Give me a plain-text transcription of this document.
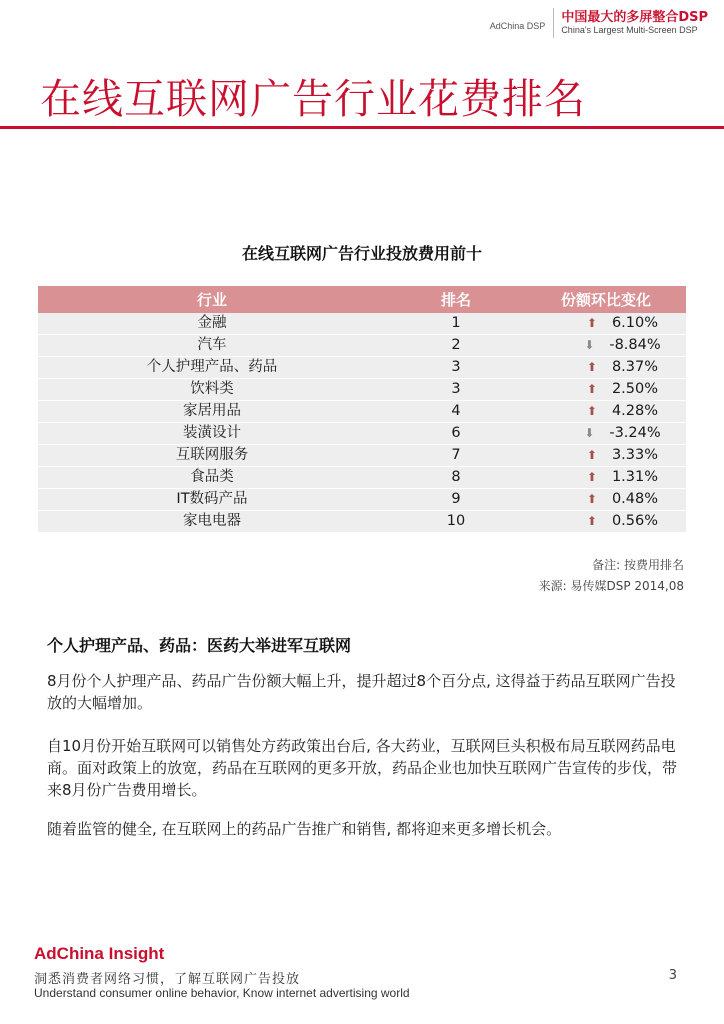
AdChina DSP
中国最大的多屏整合DSP
China's Largest Multi-Screen DSP
在线互联网广告行业花费排名
在线互联网广告行业投放费用前十
行业	排名	份额环比变化
金融	1	⬆ 6.10%
汽车	2	⬇ -8.84%
个人护理产品、药品	3	⬆ 8.37%
饮料类	3	⬆ 2.50%
家居用品	4	⬆ 4.28%
装潢设计	6	⬇ -3.24%
互联网服务	7	⬆ 3.33%
食品类	8	⬆ 1.31%
IT数码产品	9	⬆ 0.48%
家电电器	10	⬆ 0.56%
备注: 按费用排名
来源: 易传媒DSP 2014,08
个人护理产品、药品：医药大举进军互联网

8月份个人护理产品、药品广告份额大幅上升，提升超过8个百分点, 这得益于药品互联网广告投放的大幅增加。

自10月份开始互联网可以销售处方药政策出台后, 各大药业，互联网巨头积极布局互联网药品电商。面对政策上的放宽，药品在互联网的更多开放，药品企业也加快互联网广告宣传的步伐，带来8月份广告费用增长。

随着监管的健全, 在互联网上的药品广告推广和销售, 都将迎来更多增长机会。

AdChina Insight
洞悉消费者网络习惯，了解互联网广告投放
Understand consumer online behavior, Know internet advertising world
3
